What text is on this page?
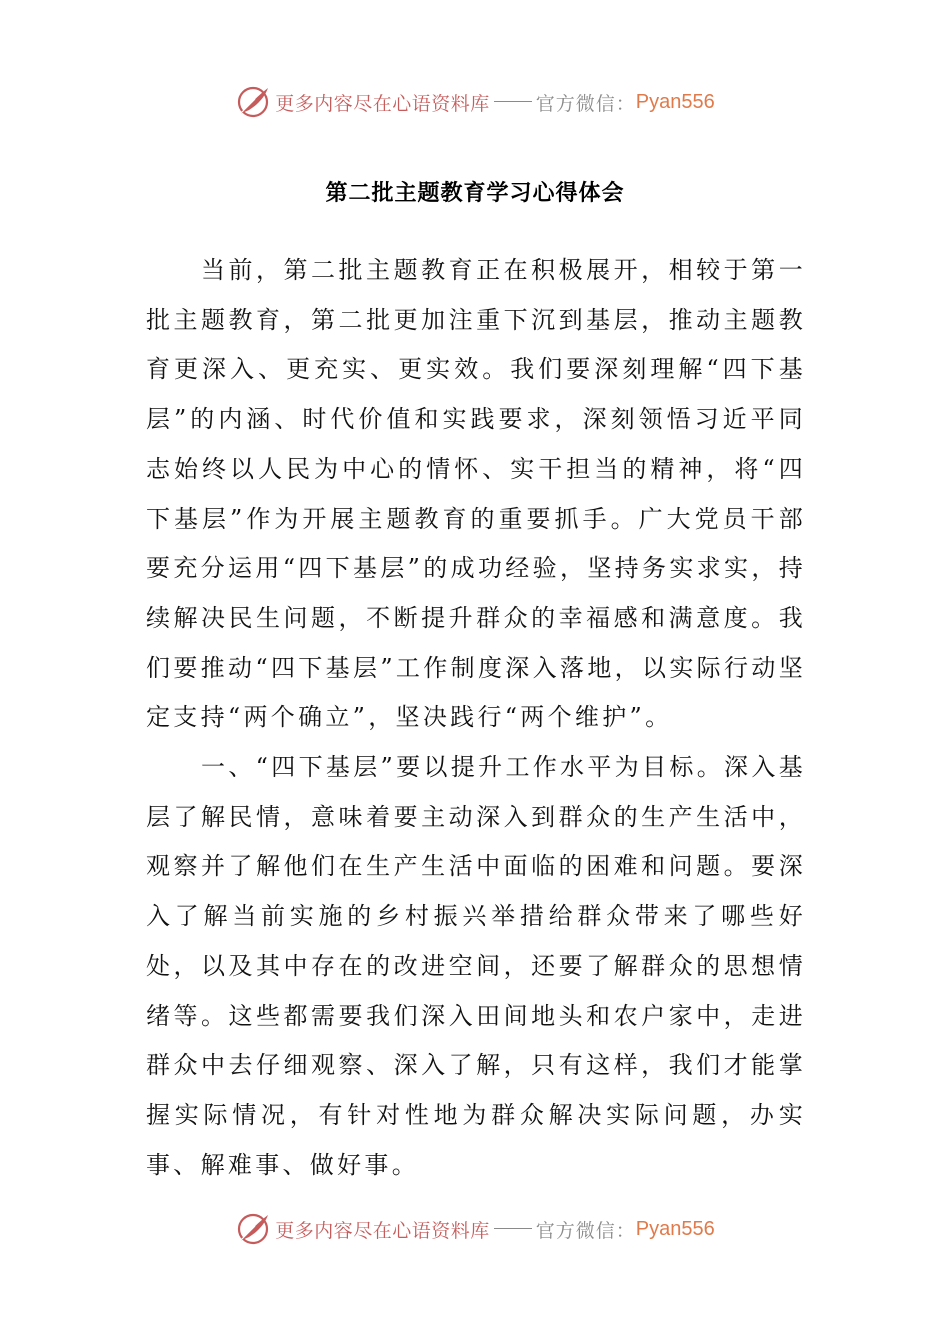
更多内容尽在心语资料库 官方微信： Pyan556
第二批主题教育学习心得体会

当前，第二批主题教育正在积极展开，相较于第一批主题教育，第二批更加注重下沉到基层，推动主题教育更深入、更充实、更实效。我们要深刻理解“四下基层”的内涵、时代价值和实践要求，深刻领悟习近平同志始终以人民为中心的情怀、实干担当的精神，将“四下基层”作为开展主题教育的重要抓手。广大党员干部要充分运用“四下基层”的成功经验，坚持务实求实，持续解决民生问题，不断提升群众的幸福感和满意度。我们要推动“四下基层”工作制度深入落地，以实际行动坚定支持“两个确立”，坚决践行“两个维护”。

一、“四下基层”要以提升工作水平为目标。深入基层了解民情，意味着要主动深入到群众的生产生活中，观察并了解他们在生产生活中面临的困难和问题。要深入了解当前实施的乡村振兴举措给群众带来了哪些好处，以及其中存在的改进空间，还要了解群众的思想情绪等。这些都需要我们深入田间地头和农户家中，走进群众中去仔细观察、深入了解，只有这样，我们才能掌握实际情况，有针对性地为群众解决实际问题，办实事、解难事、做好事。

更多内容尽在心语资料库 官方微信： Pyan556
